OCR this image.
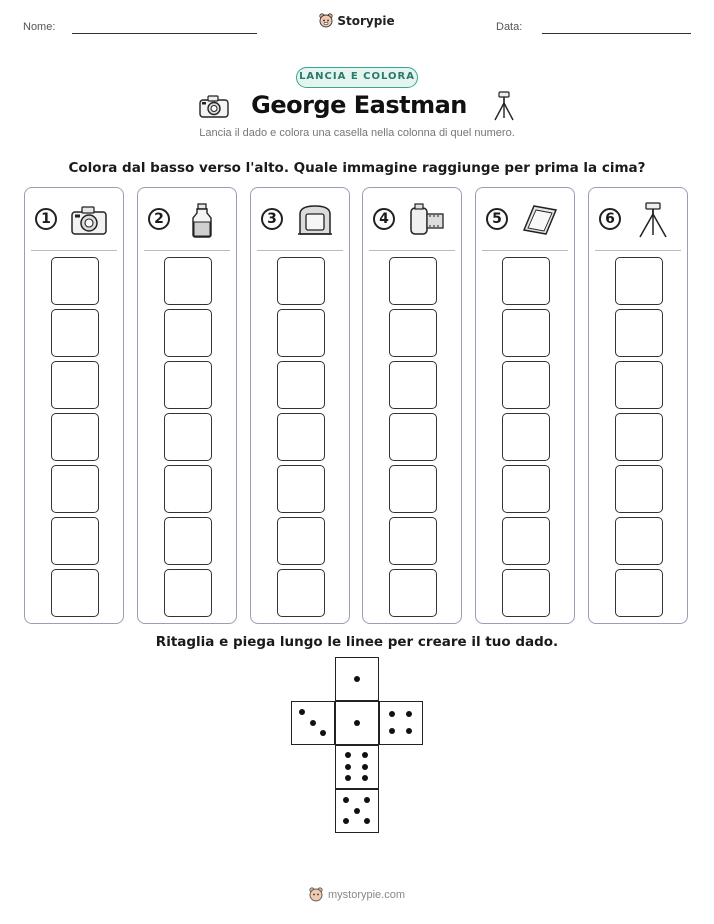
Nome:	Storypie	Data:
LANCIA E COLORA
George Eastman
Lancia il dado e colora una casella nella colonna di quel numero.
Colora dal basso verso l'alto. Quale immagine raggiunge per prima la cima?
1	2	3	4	5	6
Ritaglia e piega lungo le linee per creare il tuo dado.
mystorypie.com
